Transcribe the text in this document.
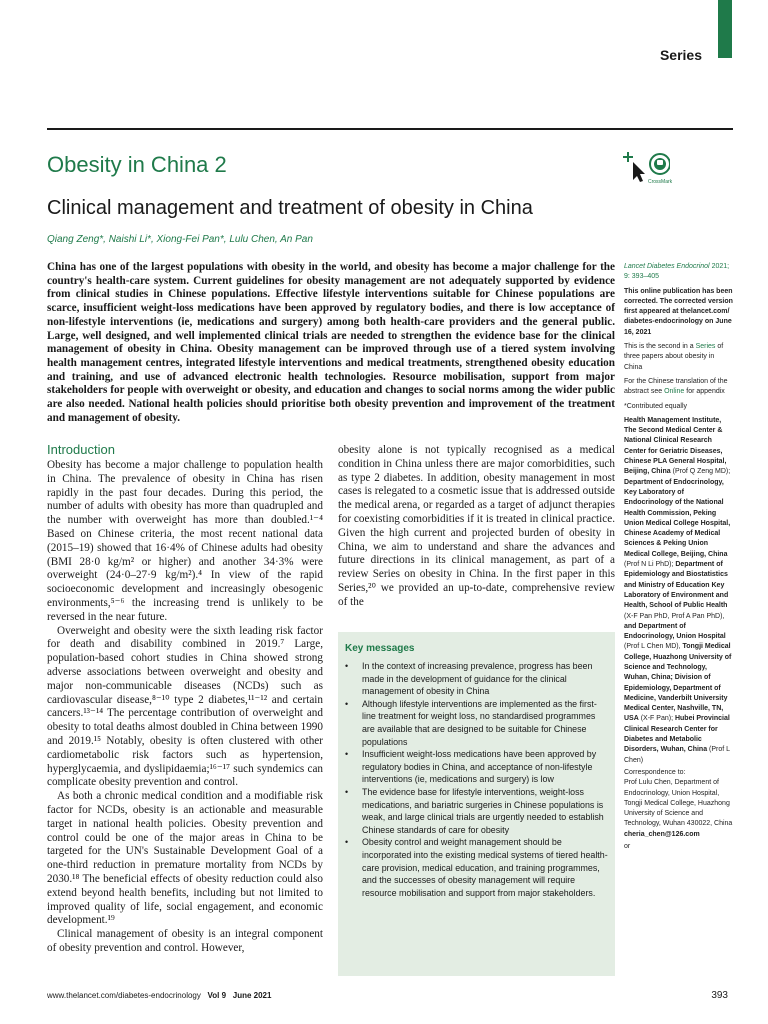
Series
Obesity in China 2
Clinical management and treatment of obesity in China
Qiang Zeng*, Naishi Li*, Xiong-Fei Pan*, Lulu Chen, An Pan
CrossMark

China has one of the largest populations with obesity in the world, and obesity has become a major challenge for the country's health-care system. Current guidelines for obesity management are not adequately supported by evidence from clinical studies in Chinese populations. Effective lifestyle interventions suitable for Chinese populations are scarce, insufficient weight-loss medications have been approved by regulatory bodies, and there is low acceptance of non-lifestyle interventions (ie, medications and surgery) among both health-care providers and the general public. Large, well designed, and well implemented clinical trials are needed to strengthen the evidence base for the clinical management of obesity in China. Obesity management can be improved through use of a tiered system involving health management centres, integrated lifestyle interventions and medical treatments, strengthened obesity education and training, and use of advanced electronic health technologies. Resource mobilisation, support from major stakeholders for people with overweight or obesity, and education and changes to social norms among the wider public are also needed. National health policies should prioritise both obesity prevention and improvement of the treatment and management of obesity.

Introduction

Obesity has become a major challenge to population health in China. The prevalence of obesity in China has risen rapidly in the past four decades. During this period, the number of adults with obesity has more than quadrupled and the number with overweight has more than doubled.¹⁻⁴ Based on Chinese criteria, the most recent national data (2015–19) showed that 16·4% of Chinese adults had obesity (BMI 28·0 kg/m² or higher) and another 34·3% were overweight (24·0–27·9 kg/m²).⁴ In view of the rapid socioeconomic development and increasingly obesogenic environments,⁵⁻⁶ the increasing trend is unlikely to be reversed in the near future.

Overweight and obesity were the sixth leading risk factor for death and disability combined in 2019.⁷ Large, population-based cohort studies in China showed strong adverse associations between overweight and obesity and major non-communicable diseases (NCDs) such as cardiovascular disease,⁸⁻¹⁰ type 2 diabetes,¹¹⁻¹² and certain cancers.¹³⁻¹⁴ The percentage contribution of overweight and obesity to total deaths almost doubled in China between 1990 and 2019.¹⁵ Notably, obesity is often clustered with other cardiometabolic risk factors such as hypertension, hyperglycaemia, and dyslipidaemia;¹⁶⁻¹⁷ such syndemics can complicate obesity prevention and control.

As both a chronic medical condition and a modifiable risk factor for NCDs, obesity is an actionable and measurable target in national health policies. Obesity prevention and control could be one of the major areas in China to be targeted for the UN's Sustainable Development Goal of a one-third reduction in premature mortality from NCDs by 2030.¹⁸ The beneficial effects of obesity reduction could also extend beyond health benefits, including but not limited to improved quality of life, social engagement, and economic development.¹⁹

Clinical management of obesity is an integral component of obesity prevention and control. However,

obesity alone is not typically recognised as a medical condition in China unless there are major comorbidities, such as type 2 diabetes. In addition, obesity management in most cases is relegated to a cosmetic issue that is addressed outside the medical arena, or regarded as a target of adjunct therapies for coexisting comorbidities if it is treated in clinical practice. Given the high current and projected burden of obesity in China, we aim to understand and share the advances and future directions in its clinical management, as part of a review Series on obesity in China. In the first paper in this Series,²⁰ we provided an up-to-date, comprehensive review of the

Key messages
• In the context of increasing prevalence, progress has been made in the development of guidance for the clinical management of obesity in China
• Although lifestyle interventions are implemented as the first-line treatment for weight loss, no standardised programmes are available that are designed to be suitable for Chinese populations
• Insufficient weight-loss medications have been approved by regulatory bodies in China, and acceptance of non-lifestyle interventions (ie, medications and surgery) is low
• The evidence base for lifestyle interventions, weight-loss medications, and bariatric surgeries in Chinese populations is weak, and large clinical trials are urgently needed to establish Chinese standards of care for obesity
• Obesity control and weight management should be incorporated into the existing medical systems of tiered health-care provision, medical education, and training programmes, and the successes of obesity management will require resource mobilisation and support from major stakeholders.

Lancet Diabetes Endocrinol 2021; 9: 393–405

This online publication has been corrected. The corrected version first appeared at thelancet.com/ diabetes-endocrinology on June 16, 2021

This is the second in a Series of three papers about obesity in China

For the Chinese translation of the abstract see Online for appendix

*Contributed equally

Health Management Institute, The Second Medical Center & National Clinical Research Center for Geriatric Diseases, Chinese PLA General Hospital, Beijing, China (Prof Q Zeng MD); Department of Endocrinology, Key Laboratory of Endocrinology of the National Health Commission, Peking Union Medical College Hospital, Chinese Academy of Medical Sciences & Peking Union Medical College, Beijing, China (Prof N Li PhD); Department of Epidemiology and Biostatistics and Ministry of Education Key Laboratory of Environment and Health, School of Public Health (X-F Pan PhD, Prof A Pan PhD), and Department of Endocrinology, Union Hospital (Prof L Chen MD), Tongji Medical College, Huazhong University of Science and Technology, Wuhan, China; Division of Epidemiology, Department of Medicine, Vanderbilt University Medical Center, Nashville, TN, USA (X-F Pan); Hubei Provincial Clinical Research Center for Diabetes and Metabolic Disorders, Wuhan, China (Prof L Chen)

Correspondence to:
Prof Lulu Chen, Department of Endocrinology, Union Hospital, Tongji Medical College, Huazhong University of Science and Technology, Wuhan 430022, China
cheria_chen@126.com

or

www.thelancet.com/diabetes-endocrinology Vol 9 June 2021	393
